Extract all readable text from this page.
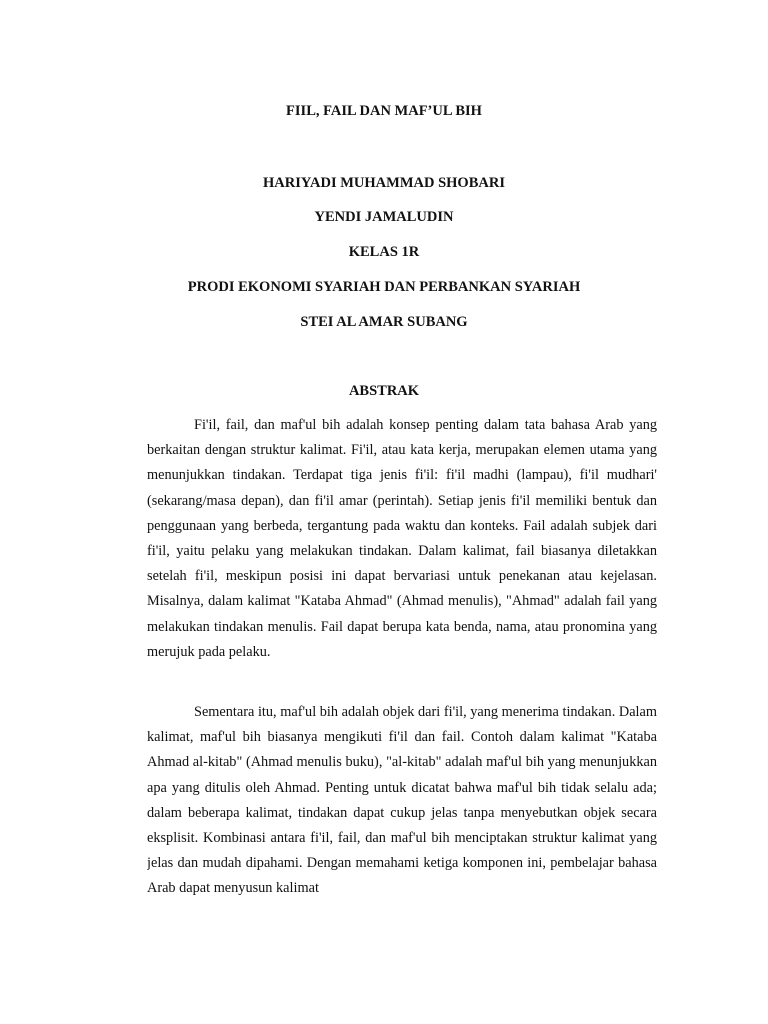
FIIL, FAIL DAN MAF’UL BIH
HARIYADI MUHAMMAD SHOBARI
YENDI JAMALUDIN
KELAS 1R
PRODI EKONOMI SYARIAH DAN PERBANKAN SYARIAH
STEI AL AMAR SUBANG
ABSTRAK

Fi'il, fail, dan maf'ul bih adalah konsep penting dalam tata bahasa Arab yang berkaitan dengan struktur kalimat. Fi'il, atau kata kerja, merupakan elemen utama yang menunjukkan tindakan. Terdapat tiga jenis fi'il: fi'il madhi (lampau), fi'il mudhari' (sekarang/masa depan), dan fi'il amar (perintah). Setiap jenis fi'il memiliki bentuk dan penggunaan yang berbeda, tergantung pada waktu dan konteks. Fail adalah subjek dari fi'il, yaitu pelaku yang melakukan tindakan. Dalam kalimat, fail biasanya diletakkan setelah fi'il, meskipun posisi ini dapat bervariasi untuk penekanan atau kejelasan. Misalnya, dalam kalimat "Kataba Ahmad" (Ahmad menulis), "Ahmad" adalah fail yang melakukan tindakan menulis. Fail dapat berupa kata benda, nama, atau pronomina yang merujuk pada pelaku.

Sementara itu, maf'ul bih adalah objek dari fi'il, yang menerima tindakan. Dalam kalimat, maf'ul bih biasanya mengikuti fi'il dan fail. Contoh dalam kalimat "Kataba Ahmad al-kitab" (Ahmad menulis buku), "al-kitab" adalah maf'ul bih yang menunjukkan apa yang ditulis oleh Ahmad. Penting untuk dicatat bahwa maf'ul bih tidak selalu ada; dalam beberapa kalimat, tindakan dapat cukup jelas tanpa menyebutkan objek secara eksplisit. Kombinasi antara fi'il, fail, dan maf'ul bih menciptakan struktur kalimat yang jelas dan mudah dipahami. Dengan memahami ketiga komponen ini, pembelajar bahasa Arab dapat menyusun kalimat
